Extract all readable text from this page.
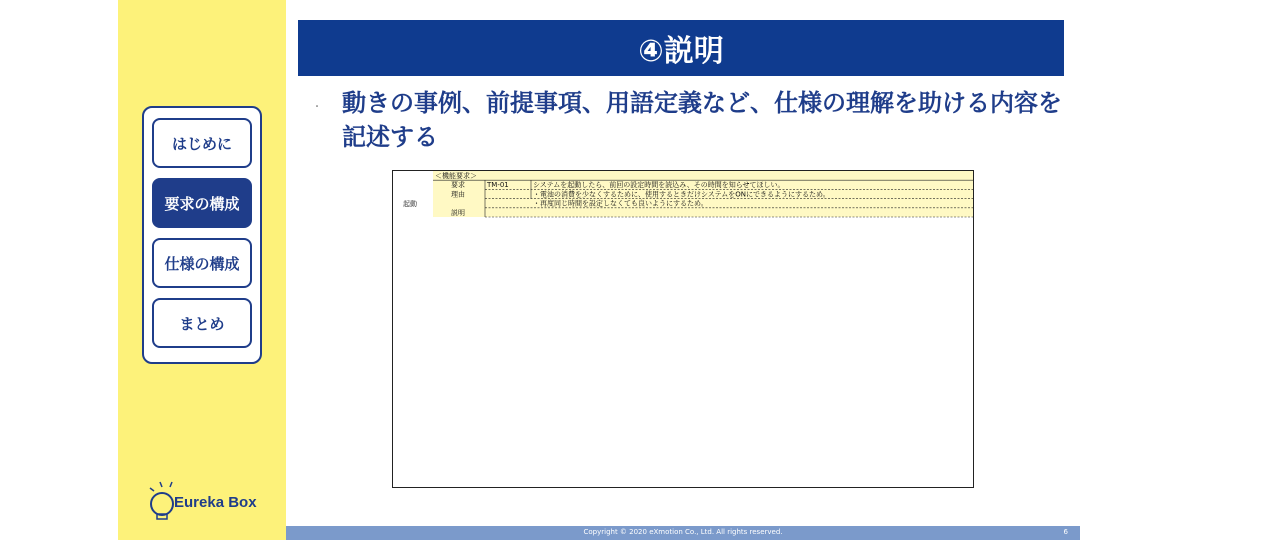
はじめに
要求の構成
仕様の構成
まとめ
Eureka Box
④説明
・ 動きの事例、前提事項、用語定義など、仕様の理解を助ける内容を記述する
＜機能要求＞
要求	TM-01	システムを起動したら、前回の設定時間を読込み、その時間を知らせてほしい。
理由	・電池の消費を少なくするために、使用するときだけシステムをONにできるようにするため。
・再度同じ時間を設定しなくても良いようにするため。
説明
起動
Copyright © 2020 eXmotion Co., Ltd. All rights reserved.	6
